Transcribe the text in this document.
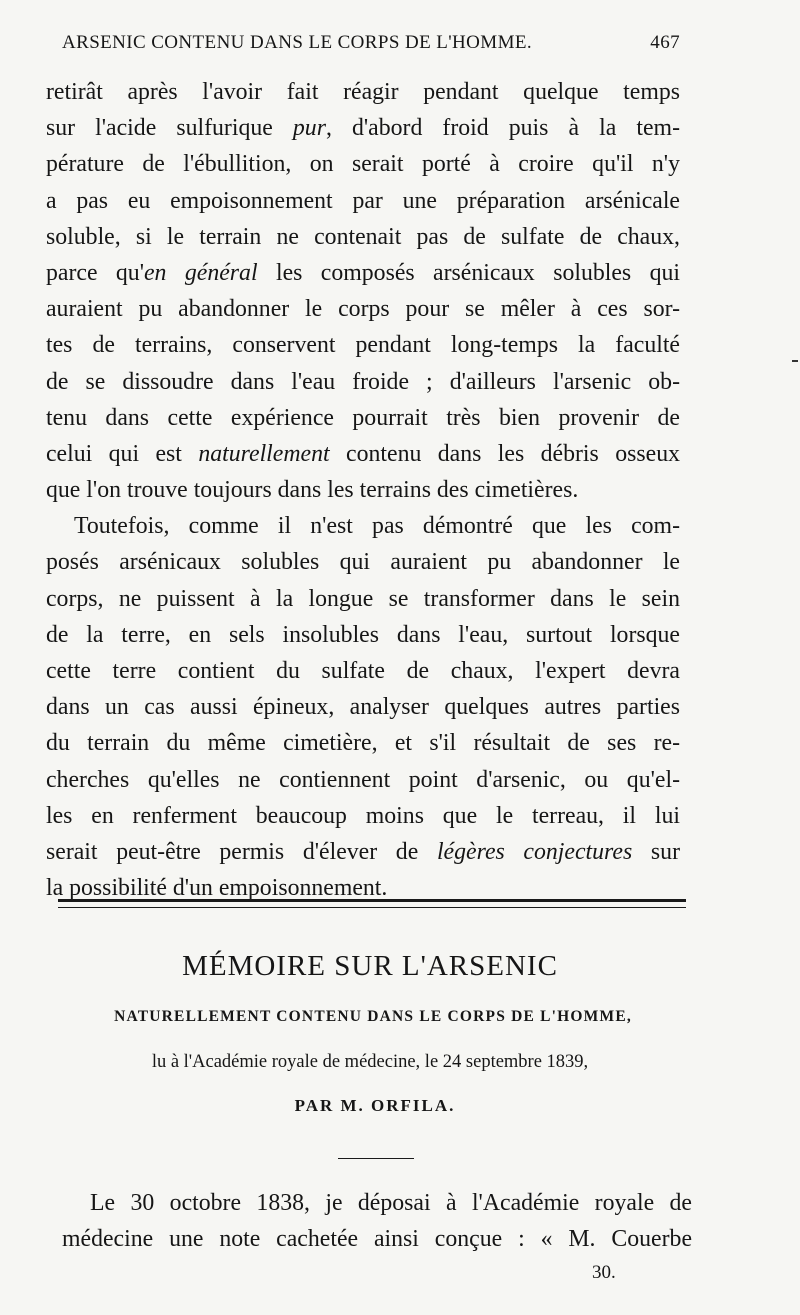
ARSENIC CONTENU DANS LE CORPS DE L'HOMME.	467
retirât après l'avoir fait réagir pendant quelque temps
sur l'acide sulfurique pur, d'abord froid puis à la tem-
pérature de l'ébullition, on serait porté à croire qu'il n'y
a pas eu empoisonnement par une préparation arsénicale
soluble, si le terrain ne contenait pas de sulfate de chaux,
parce qu'en général les composés arsénicaux solubles qui
auraient pu abandonner le corps pour se mêler à ces sor-
tes de terrains, conservent pendant long-temps la faculté
de se dissoudre dans l'eau froide ; d'ailleurs l'arsenic ob-
tenu dans cette expérience pourrait très bien provenir de
celui qui est naturellement contenu dans les débris osseux
que l'on trouve toujours dans les terrains des cimetières.
Toutefois, comme il n'est pas démontré que les com-
posés arsénicaux solubles qui auraient pu abandonner le
corps, ne puissent à la longue se transformer dans le sein
de la terre, en sels insolubles dans l'eau, surtout lorsque
cette terre contient du sulfate de chaux, l'expert devra
dans un cas aussi épineux, analyser quelques autres parties
du terrain du même cimetière, et s'il résultait de ses re-
cherches qu'elles ne contiennent point d'arsenic, ou qu'el-
les en renferment beaucoup moins que le terreau, il lui
serait peut-être permis d'élever de légères conjectures sur
la possibilité d'un empoisonnement.
MÉMOIRE SUR L'ARSENIC
NATURELLEMENT CONTENU DANS LE CORPS DE L'HOMME,
lu à l'Académie royale de médecine, le 24 septembre 1839,
PAR M. ORFILA.
Le 30 octobre 1838, je déposai à l'Académie royale de
médecine une note cachetée ainsi conçue : « M. Couerbe
30.
